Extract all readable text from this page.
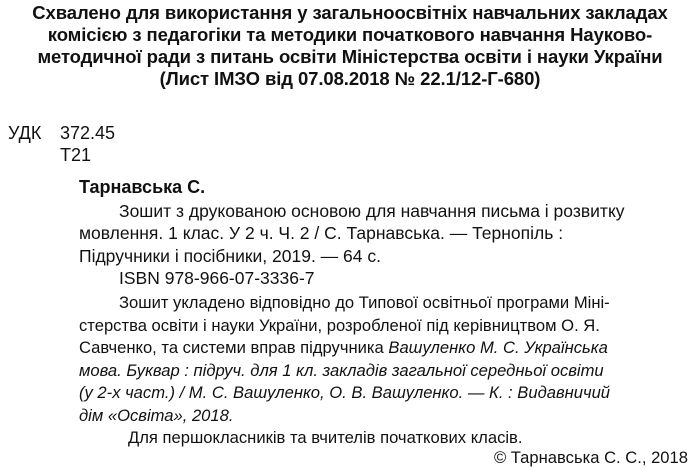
Схвалено для використання у загальноосвітніх навчальних закладах
комісією з педагогіки та методики початкового навчання Науково-
методичної ради з питань освіти Міністерства освіти і науки України
(Лист ІМЗО від 07.08.2018 № 22.1/12-Г-680)
УДК 372.45
Т21
Тарнавська С.
Зошит з друкованою основою для навчання письма і розвитку
мовлення. 1 клас. У 2 ч. Ч. 2 / С. Тарнавська. — Тернопіль :
Підручники і посібники, 2019. — 64 с.
ISBN 978-966-07-3336-7
Зошит укладено відповідно до Типової освітньої програми Міні-
стерства освіти і науки України, розробленої під керівництвом О. Я.
Савченко, та системи вправ підручника Вашуленко М. С. Українська
мова. Буквар : підруч. для 1 кл. закладів загальної середньої освіти
(у 2-х част.) / М. С. Вашуленко, О. В. Вашуленко. — К. : Видавничий
дім «Освіта», 2018.
Для першокласників та вчителів початкових класів.
© Тарнавська С. С., 2018
